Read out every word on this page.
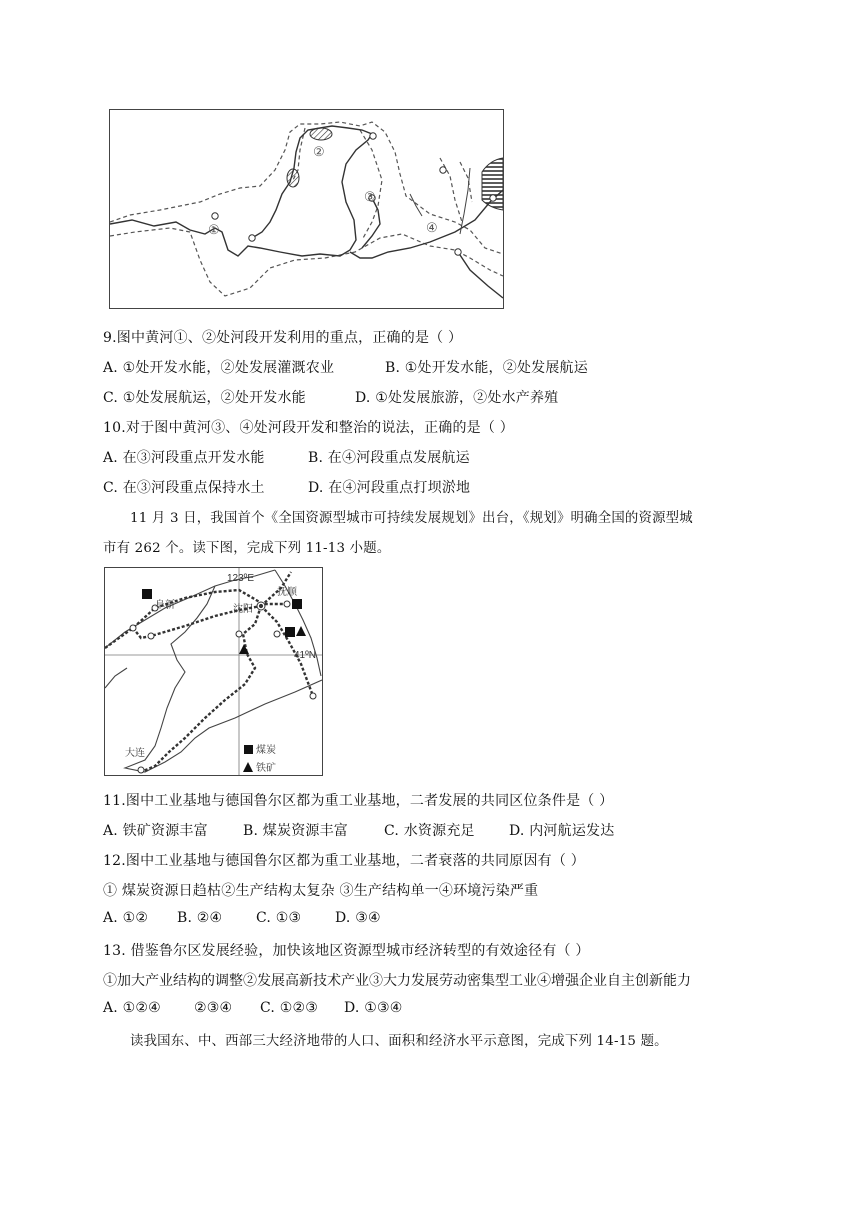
①
②
③
④
9.图中黄河①、②处河段开发利用的重点，正确的是（ ）
A. ①处开发水能，②处发展灌溉农业	B. ①处开发水能，②处发展航运
C. ①处发展航运，②处开发水能	D. ①处发展旅游，②处水产养殖
10.对于图中黄河③、④处河段开发和整治的说法，正确的是（ ）
A. 在③河段重点开发水能	B. 在④河段重点发展航运
C. 在③河段重点保持水土	D. 在④河段重点打坝淤地
11 月 3 日，我国首个《全国资源型城市可持续发展规划》出台，《规划》明确全国的资源型城
市有 262 个。读下图，完成下列 11-13 小题。
123ºE
41ºN
阜新	沈阳
抚顺
大连	煤炭
铁矿
11.图中工业基地与德国鲁尔区都为重工业基地，二者发展的共同区位条件是（ ）
A. 铁矿资源丰富	B. 煤炭资源丰富	C. 水资源充足 D. 内河航运发达
12.图中工业基地与德国鲁尔区都为重工业基地，二者衰落的共同原因有（ ）
① 煤炭资源日趋枯②生产结构太复杂 ③生产结构单一④环境污染严重
A. ①② B. ②④ C. ①③ D. ③④
13. 借鉴鲁尔区发展经验，加快该地区资源型城市经济转型的有效途径有（ ）
①加大产业结构的调整②发展高新技术产业③大力发展劳动密集型工业④增强企业自主创新能力
A. ①②④ ②③④ C. ①②③ D. ①③④
读我国东、中、西部三大经济地带的人口、面积和经济水平示意图，完成下列 14-15 题。
